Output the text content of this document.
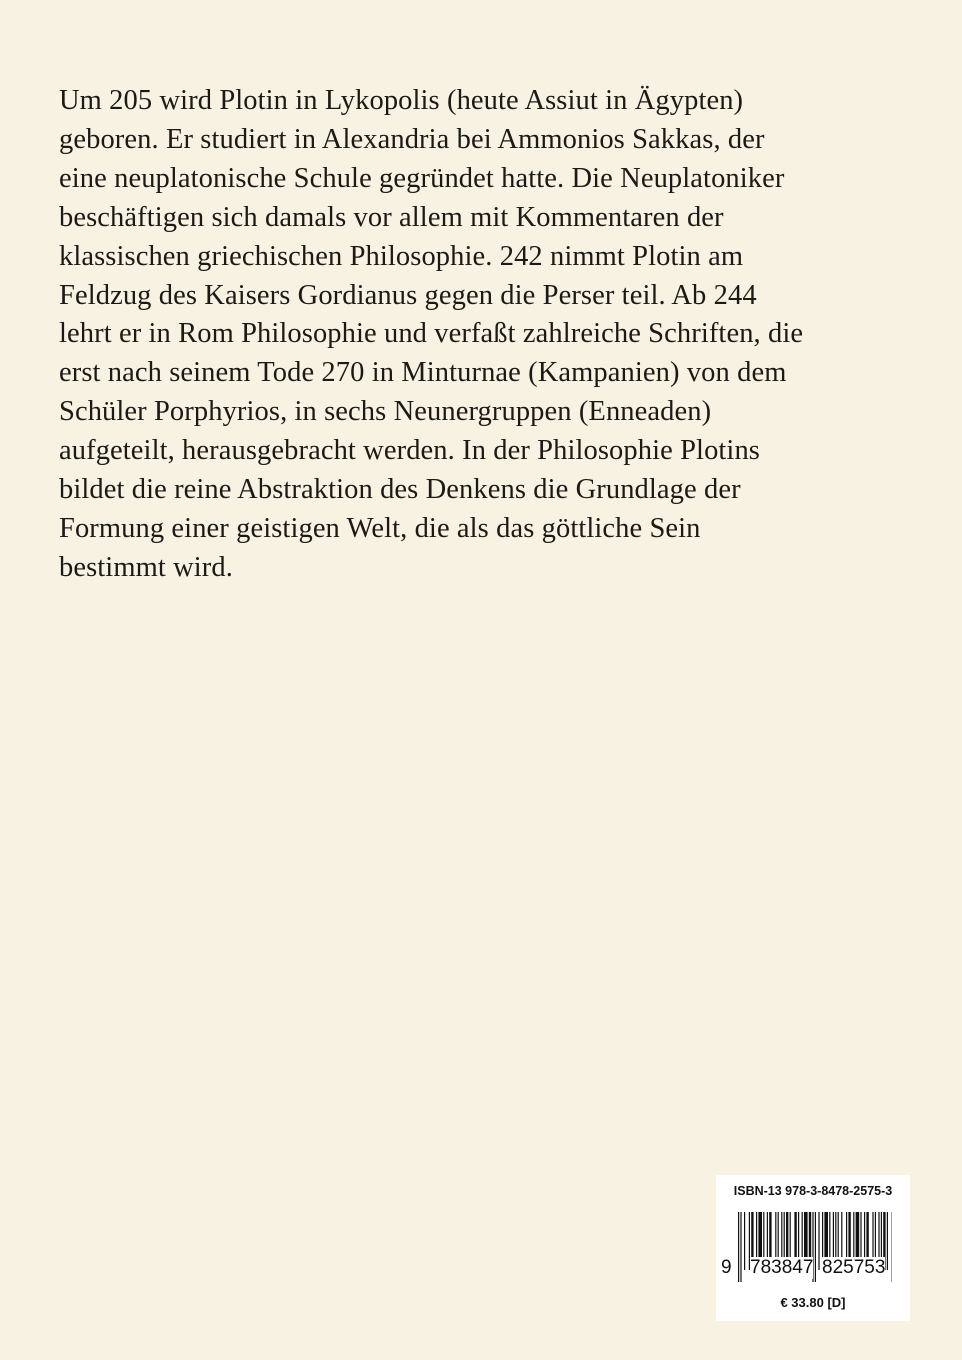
Um 205 wird Plotin in Lykopolis (heute Assiut in Ägypten)
geboren. Er studiert in Alexandria bei Ammonios Sakkas, der
eine neuplatonische Schule gegründet hatte. Die Neuplatoniker
beschäftigen sich damals vor allem mit Kommentaren der
klassischen griechischen Philosophie. 242 nimmt Plotin am
Feldzug des Kaisers Gordianus gegen die Perser teil. Ab 244
lehrt er in Rom Philosophie und verfaßt zahlreiche Schriften, die
erst nach seinem Tode 270 in Minturnae (Kampanien) von dem
Schüler Porphyrios, in sechs Neunergruppen (Enneaden)
aufgeteilt, herausgebracht werden. In der Philosophie Plotins
bildet die reine Abstraktion des Denkens die Grundlage der
Formung einer geistigen Welt, die als das göttliche Sein
bestimmt wird.
ISBN-13 978-3-8478-2575-3
9 783847 825753
€ 33.80 [D]
